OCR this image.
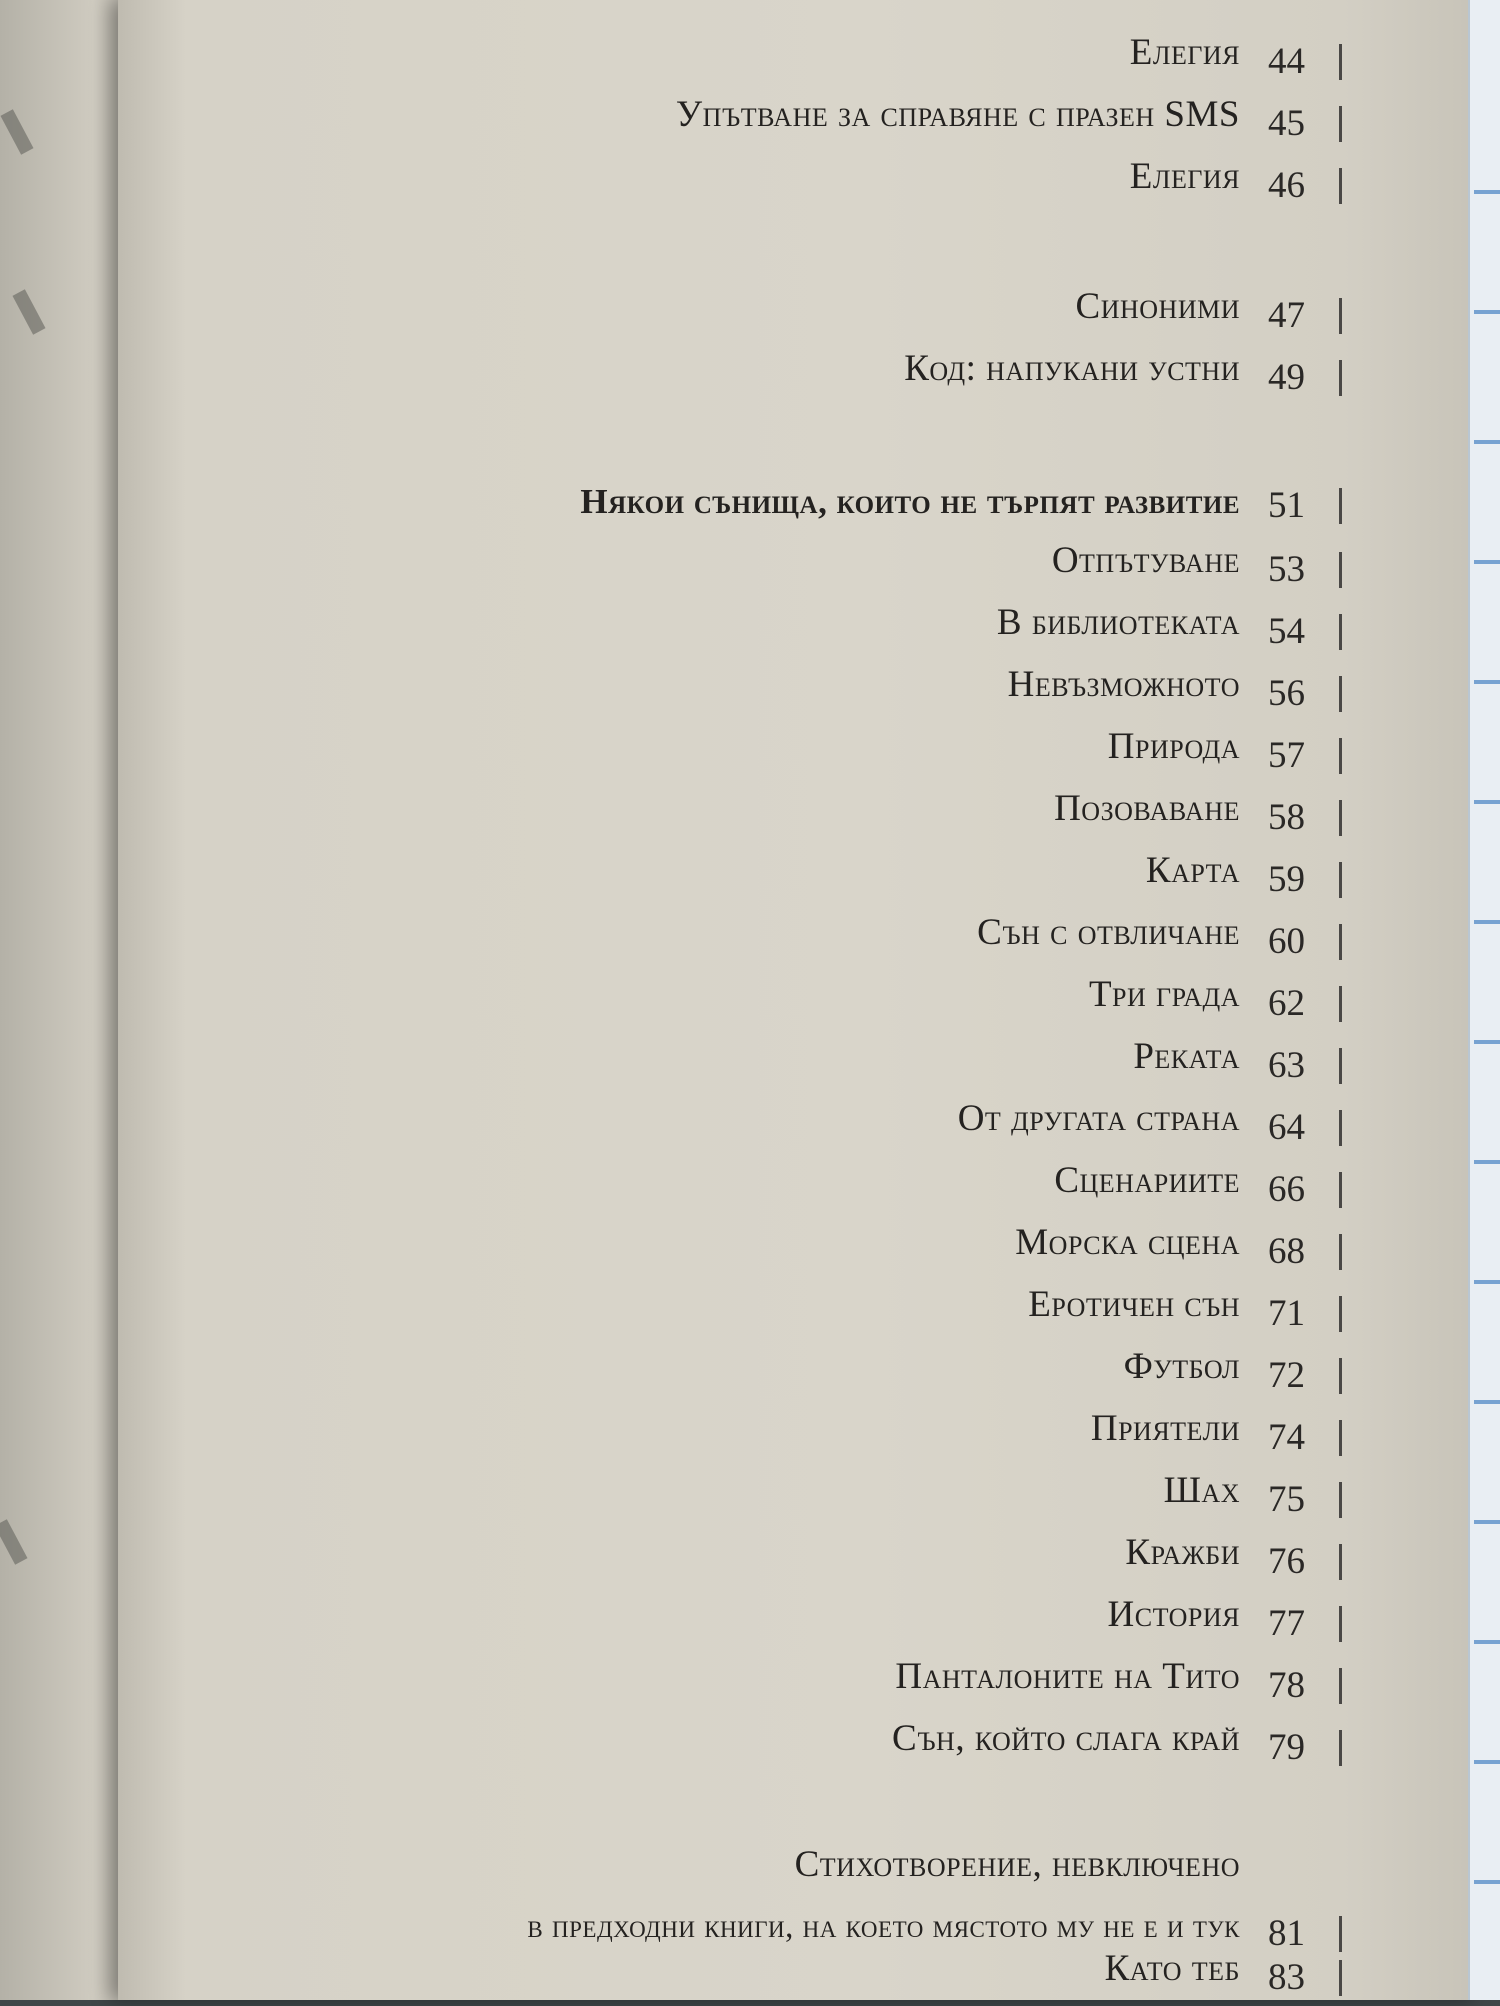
Елегия 44
Упътване за справяне с празен SMS 45
Елегия 46
Синоними 47
Код: напукани устни 49
Някои сънища, които не търпят развитие 51
Отпътуване 53
В библиотеката 54
Невъзможното 56
Природа 57
Позоваване 58
Карта 59
Сън с отвличане 60
Три града 62
Реката 63
От другата страна 64
Сценариите 66
Морска сцена 68
Еротичен сън 71
Футбол 72
Приятели 74
Шах 75
Кражби 76
История 77
Панталоните на Тито 78
Сън, който слага край 79
Стихотворение, невключено
в предходни книги, на което мястото му не е и тук 81
Като теб 83
